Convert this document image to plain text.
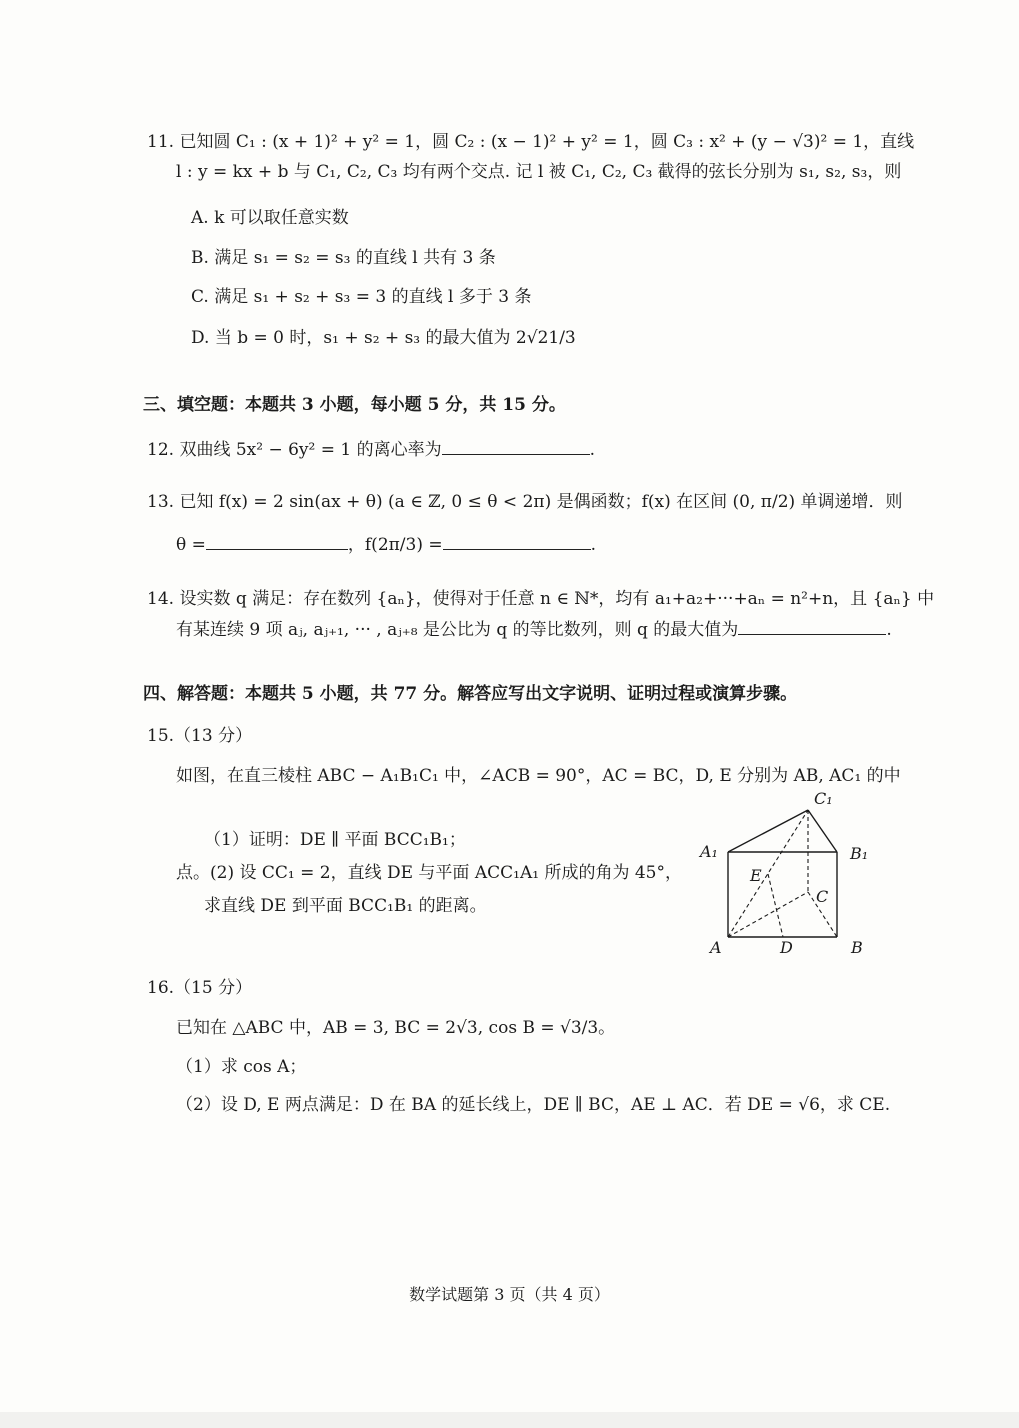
11. 已知圆 C₁ : (x + 1)² + y² = 1，圆 C₂ : (x − 1)² + y² = 1，圆 C₃ : x² + (y − √3)² = 1，直线
l : y = kx + b 与 C₁, C₂, C₃ 均有两个交点. 记 l 被 C₁, C₂, C₃ 截得的弦长分别为 s₁, s₂, s₃，则
A. k 可以取任意实数
B. 满足 s₁ = s₂ = s₃ 的直线 l 共有 3 条
C. 满足 s₁ + s₂ + s₃ = 3 的直线 l 多于 3 条
D. 当 b = 0 时，s₁ + s₂ + s₃ 的最大值为 2√21/3
三、填空题：本题共 3 小题，每小题 5 分，共 15 分。
12. 双曲线 5x² − 6y² = 1 的离心率为	.
13. 已知 f(x) = 2 sin(ax + θ) (a ∈ ℤ, 0 ≤ θ < 2π) 是偶函数；f(x) 在区间 (0, π/2) 单调递增．则
θ =	，f(2π/3) =	.
14. 设实数 q 满足：存在数列 {aₙ}，使得对于任意 n ∈ ℕ*，均有 a₁+a₂+···+aₙ = n²+n，且 {aₙ} 中
有某连续 9 项 aⱼ, aⱼ₊₁, ··· , aⱼ₊₈ 是公比为 q 的等比数列，则 q 的最大值为	.
四、解答题：本题共 5 小题，共 77 分。解答应写出文字说明、证明过程或演算步骤。
15.（13 分）
如图，在直三棱柱 ABC − A₁B₁C₁ 中，∠ACB = 90°，AC = BC，D, E 分别为 AB, AC₁ 的中
（1）证明：DE ∥ 平面 BCC₁B₁；
点。(2) 设 CC₁ = 2，直线 DE 与平面 ACC₁A₁ 所成的角为 45°，
求直线 DE 到平面 BCC₁B₁ 的距离。
C₁
A₁	B₁
E
C
A	D	B
16.（15 分）
已知在 △ABC 中，AB = 3, BC = 2√3, cos B = √3/3。
（1）求 cos A；
（2）设 D, E 两点满足：D 在 BA 的延长线上，DE ∥ BC，AE ⊥ AC．若 DE = √6，求 CE.
数学试题第 3 页（共 4 页）
